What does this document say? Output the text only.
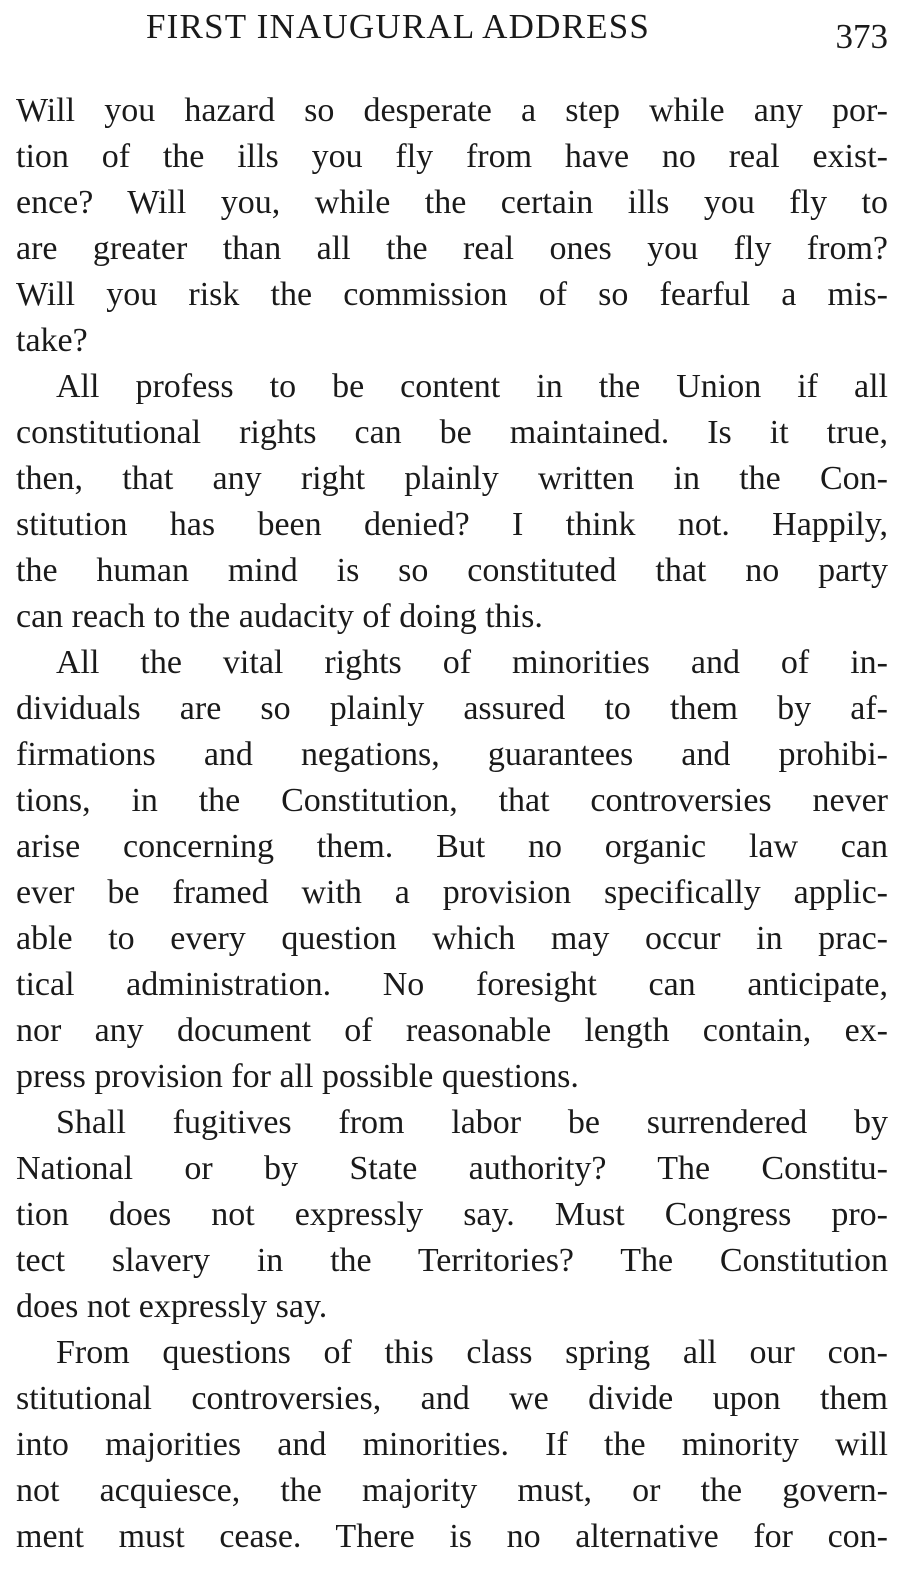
FIRST INAUGURAL ADDRESS	373
Will you hazard so desperate a step while any por-
tion of the ills you fly from have no real exist-
ence? Will you, while the certain ills you fly to
are greater than all the real ones you fly from?
Will you risk the commission of so fearful a mis-
take?
All profess to be content in the Union if all
constitutional rights can be maintained. Is it true,
then, that any right plainly written in the Con-
stitution has been denied? I think not. Happily,
the human mind is so constituted that no party
can reach to the audacity of doing this.
All the vital rights of minorities and of in-
dividuals are so plainly assured to them by af-
firmations and negations, guarantees and prohibi-
tions, in the Constitution, that controversies never
arise concerning them. But no organic law can
ever be framed with a provision specifically applic-
able to every question which may occur in prac-
tical administration. No foresight can anticipate,
nor any document of reasonable length contain, ex-
press provision for all possible questions.
Shall fugitives from labor be surrendered by
National or by State authority? The Constitu-
tion does not expressly say. Must Congress pro-
tect slavery in the Territories? The Constitution
does not expressly say.
From questions of this class spring all our con-
stitutional controversies, and we divide upon them
into majorities and minorities. If the minority will
not acquiesce, the majority must, or the govern-
ment must cease. There is no alternative for con-
